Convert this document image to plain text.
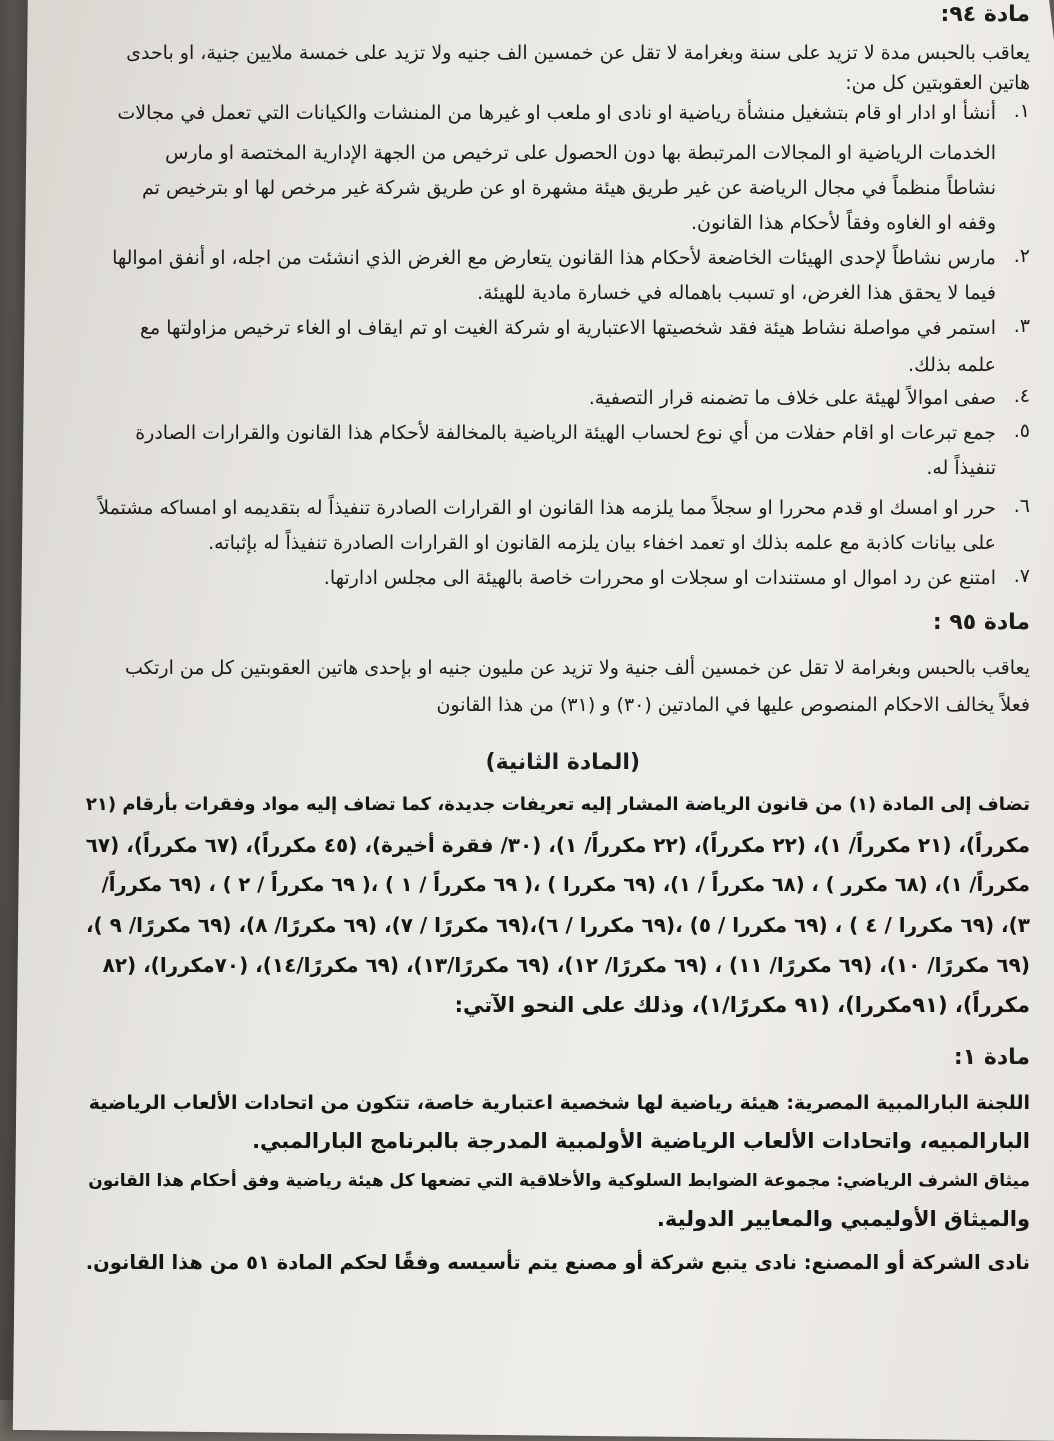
مادة ٩٤:
يعاقب بالحبس مدة لا تزيد على سنة وبغرامة لا تقل عن خمسين الف جنيه ولا تزيد على خمسة ملايين جنية، او باحدى
هاتين العقوبتين كل من:
١.
أنشأ او ادار او قام بتشغيل منشأة رياضية او نادى او ملعب او غيرها من المنشات والكيانات التي تعمل في مجالات
الخدمات الرياضية او المجالات المرتبطة بها دون الحصول على ترخيص من الجهة الإدارية المختصة او مارس
نشاطاً منظماً في مجال الرياضة عن غير طريق هيئة مشهرة او عن طريق شركة غير مرخص لها او بترخيص تم
وقفه او الغاوه وفقاً لأحكام هذا القانون.
٢.
مارس نشاطاً لإحدى الهيئات الخاضعة لأحكام هذا القانون يتعارض مع الغرض الذي انشئت من اجله، او أنفق اموالها
فيما لا يحقق هذا الغرض، او تسبب باهماله في خسارة مادية للهيئة.
٣.
استمر في مواصلة نشاط هيئة فقد شخصيتها الاعتبارية او شركة الغيت او تم ايقاف او الغاء ترخيص مزاولتها مع
علمه بذلك.
٤.
صفى اموالاً لهيئة على خلاف ما تضمنه قرار التصفية.
٥.
جمع تبرعات او اقام حفلات من أي نوع لحساب الهيئة الرياضية بالمخالفة لأحكام هذا القانون والقرارات الصادرة
تنفيذاً له.
٦.
حرر او امسك او قدم محررا او سجلاً مما يلزمه هذا القانون او القرارات الصادرة تنفيذاً له بتقديمه او امساكه مشتملاً
على بيانات كاذبة مع علمه بذلك او تعمد اخفاء بيان يلزمه القانون او القرارات الصادرة تنفيذاً له بإثباته.
٧.
امتنع عن رد اموال او مستندات او سجلات او محررات خاصة بالهيئة الى مجلس ادارتها.
مادة ٩٥ :
يعاقب بالحبس وبغرامة لا تقل عن خمسين ألف جنية ولا تزيد عن مليون جنيه او بإحدى هاتين العقوبتين كل من ارتكب
فعلاً يخالف الاحكام المنصوص عليها في المادتين (٣٠) و (٣١) من هذا القانون
(المادة الثانية)
تضاف إلى المادة (١) من قانون الرياضة المشار إليه تعريفات جديدة، كما تضاف إليه مواد وفقرات بأرقام (٢١
مكرراً)، (٢١ مكرراً/ ١)، (٢٢ مكرراً)، (٢٢ مكرراً/ ١)، (٣٠/ فقرة أخيرة)، (٤٥ مكرراً)، (٦٧ مكرراً)، (٦٧
مكرراً/ ١)، (٦٨ مكرر ) ، (٦٨ مكرراً / ١)، (٦٩ مكررا ) ،( ٦٩ مكرراً / ١ ) ،( ٦٩ مكرراً / ٢ ) ، (٦٩ مكرراً/
٣)، (٦٩ مكررا / ٤ ) ، (٦٩ مكررا / ٥) ،(٦٩ مكررا / ٦)،(٦٩ مكررًا / ٧)، (٦٩ مكررًا/ ٨)، (٦٩ مكررًا/ ٩ )،
(٦٩ مكررًا/ ١٠)، (٦٩ مكررًا/ ١١) ، (٦٩ مكررًا/ ١٢)، (٦٩ مكررًا/١٣)، (٦٩ مكررًا/١٤)، (٧٠مكررا)، (٨٢
مكرراً)، (٩١مكررا)، (٩١ مكررًا/١)، وذلك على النحو الآتي:
مادة ١:
اللجنة البارالمبية المصرية: هيئة رياضية لها شخصية اعتبارية خاصة، تتكون من اتحادات الألعاب الرياضية
البارالمبيه، واتحادات الألعاب الرياضية الأولمبية المدرجة بالبرنامج البارالمبي.
ميثاق الشرف الرياضي: مجموعة الضوابط السلوكية والأخلاقية التي تضعها كل هيئة رياضية وفق أحكام هذا القانون
والميثاق الأوليمبي والمعايير الدولية.
نادى الشركة أو المصنع: نادى يتبع شركة أو مصنع يتم تأسيسه وفقًا لحكم المادة ٥١ من هذا القانون.
